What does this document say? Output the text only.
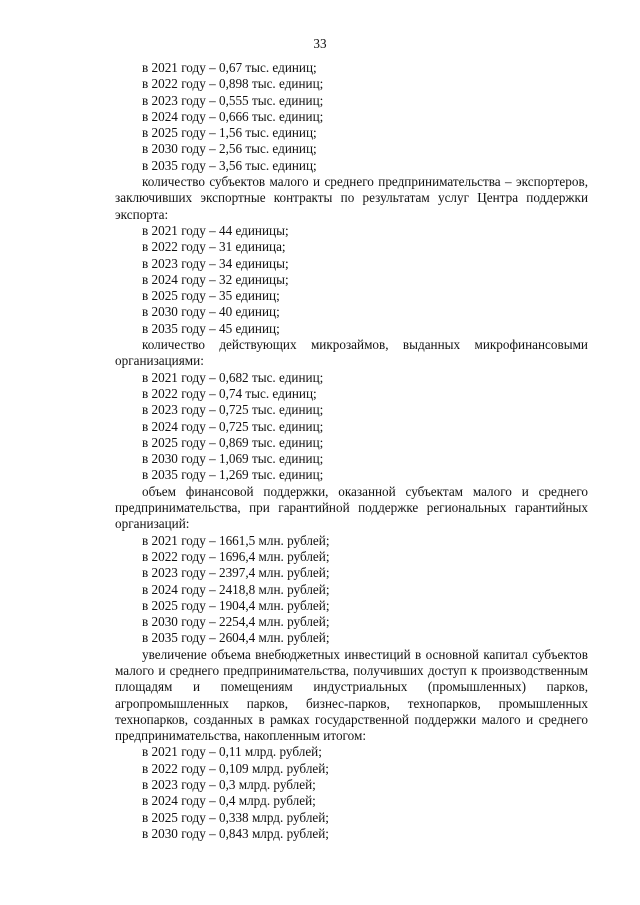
33
в 2021 году – 0,67 тыс. единиц;
в 2022 году – 0,898 тыс. единиц;
в 2023 году – 0,555 тыс. единиц;
в 2024 году – 0,666 тыс. единиц;
в 2025 году – 1,56 тыс. единиц;
в 2030 году – 2,56 тыс. единиц;
в 2035 году – 3,56 тыс. единиц;

количество субъектов малого и среднего предпринимательства – экспортеров, заключивших экспортные контракты по результатам услуг Центра поддержки экспорта:

в 2021 году – 44 единицы;
в 2022 году – 31 единица;
в 2023 году – 34 единицы;
в 2024 году – 32 единицы;
в 2025 году – 35 единиц;
в 2030 году – 40 единиц;
в 2035 году – 45 единиц;

количество действующих микрозаймов, выданных микрофинансовыми организациями:

в 2021 году – 0,682 тыс. единиц;
в 2022 году – 0,74 тыс. единиц;
в 2023 году – 0,725 тыс. единиц;
в 2024 году – 0,725 тыс. единиц;
в 2025 году – 0,869 тыс. единиц;
в 2030 году – 1,069 тыс. единиц;
в 2035 году – 1,269 тыс. единиц;

объем финансовой поддержки, оказанной субъектам малого и среднего предпринимательства, при гарантийной поддержке региональных гарантийных организаций:

в 2021 году – 1661,5 млн. рублей;
в 2022 году – 1696,4 млн. рублей;
в 2023 году – 2397,4 млн. рублей;
в 2024 году – 2418,8 млн. рублей;
в 2025 году – 1904,4 млн. рублей;
в 2030 году – 2254,4 млн. рублей;
в 2035 году – 2604,4 млн. рублей;

увеличение объема внебюджетных инвестиций в основной капитал субъектов малого и среднего предпринимательства, получивших доступ к производственным площадям и помещениям индустриальных (промышленных) парков, агропромышленных парков, бизнес-парков, технопарков, промышленных технопарков, созданных в рамках государственной поддержки малого и среднего предпринимательства, накопленным итогом:

в 2021 году – 0,11 млрд. рублей;
в 2022 году – 0,109 млрд. рублей;
в 2023 году – 0,3 млрд. рублей;
в 2024 году – 0,4 млрд. рублей;
в 2025 году – 0,338 млрд. рублей;
в 2030 году – 0,843 млрд. рублей;
